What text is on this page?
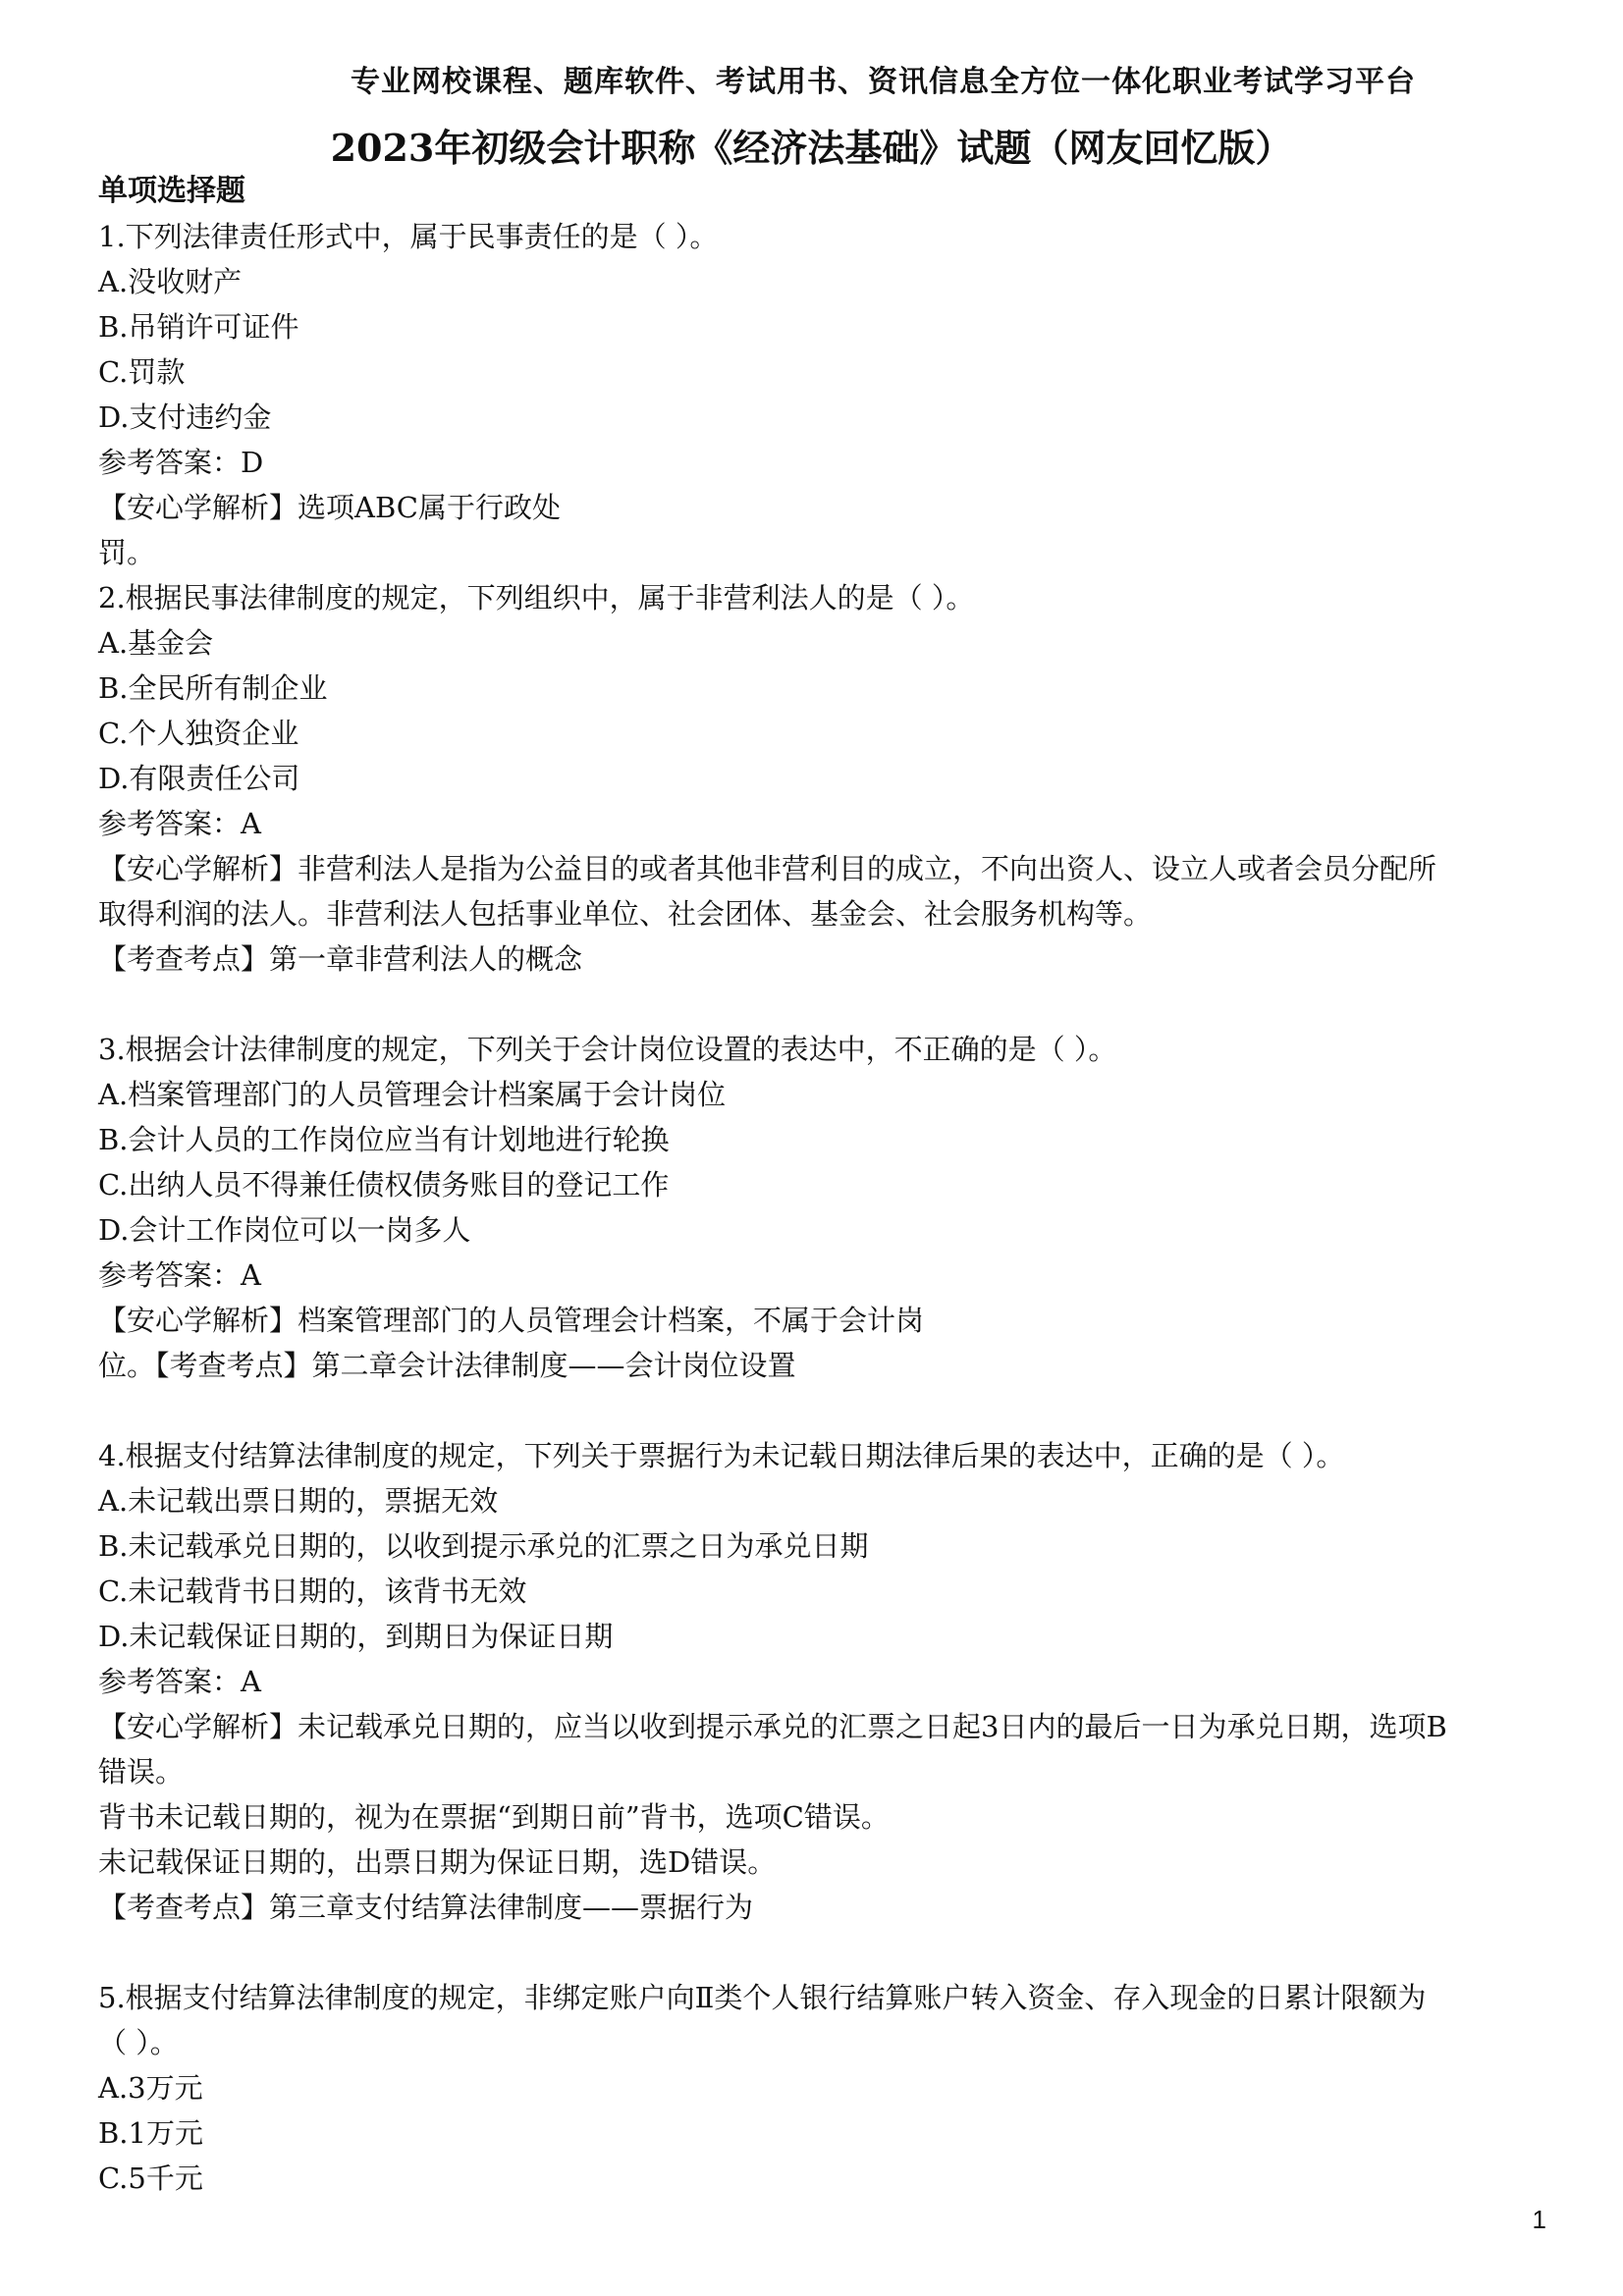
专业网校课程、题库软件、考试用书、资讯信息全方位一体化职业考试学习平台
2023年初级会计职称《经济法基础》试题（网友回忆版）
单项选择题
1.下列法律责任形式中，属于民事责任的是（ ）。
A.没收财产
B.吊销许可证件
C.罚款
D.支付违约金
参考答案：D
【安心学解析】选项ABC属于行政处
罚。
2.根据民事法律制度的规定，下列组织中，属于非营利法人的是（ ）。
A.基金会
B.全民所有制企业
C.个人独资企业
D.有限责任公司
参考答案：A
【安心学解析】非营利法人是指为公益目的或者其他非营利目的成立，不向出资人、设立人或者会员分配所
取得利润的法人。非营利法人包括事业单位、社会团体、基金会、社会服务机构等。
【考查考点】第一章非营利法人的概念
3.根据会计法律制度的规定，下列关于会计岗位设置的表达中，不正确的是（ ）。
A.档案管理部门的人员管理会计档案属于会计岗位
B.会计人员的工作岗位应当有计划地进行轮换
C.出纳人员不得兼任债权债务账目的登记工作
D.会计工作岗位可以一岗多人
参考答案：A
【安心学解析】档案管理部门的人员管理会计档案，不属于会计岗
位。【考查考点】第二章会计法律制度——会计岗位设置
4.根据支付结算法律制度的规定，下列关于票据行为未记载日期法律后果的表达中，正确的是（ ）。
A.未记载出票日期的，票据无效
B.未记载承兑日期的，以收到提示承兑的汇票之日为承兑日期
C.未记载背书日期的，该背书无效
D.未记载保证日期的，到期日为保证日期
参考答案：A
【安心学解析】未记载承兑日期的，应当以收到提示承兑的汇票之日起3日内的最后一日为承兑日期，选项B
错误。
背书未记载日期的，视为在票据“到期日前”背书，选项C错误。
未记载保证日期的，出票日期为保证日期，选D错误。
【考查考点】第三章支付结算法律制度——票据行为
5.根据支付结算法律制度的规定，非绑定账户向Ⅱ类个人银行结算账户转入资金、存入现金的日累计限额为
（ ）。
A.3万元
B.1万元
C.5千元
1
